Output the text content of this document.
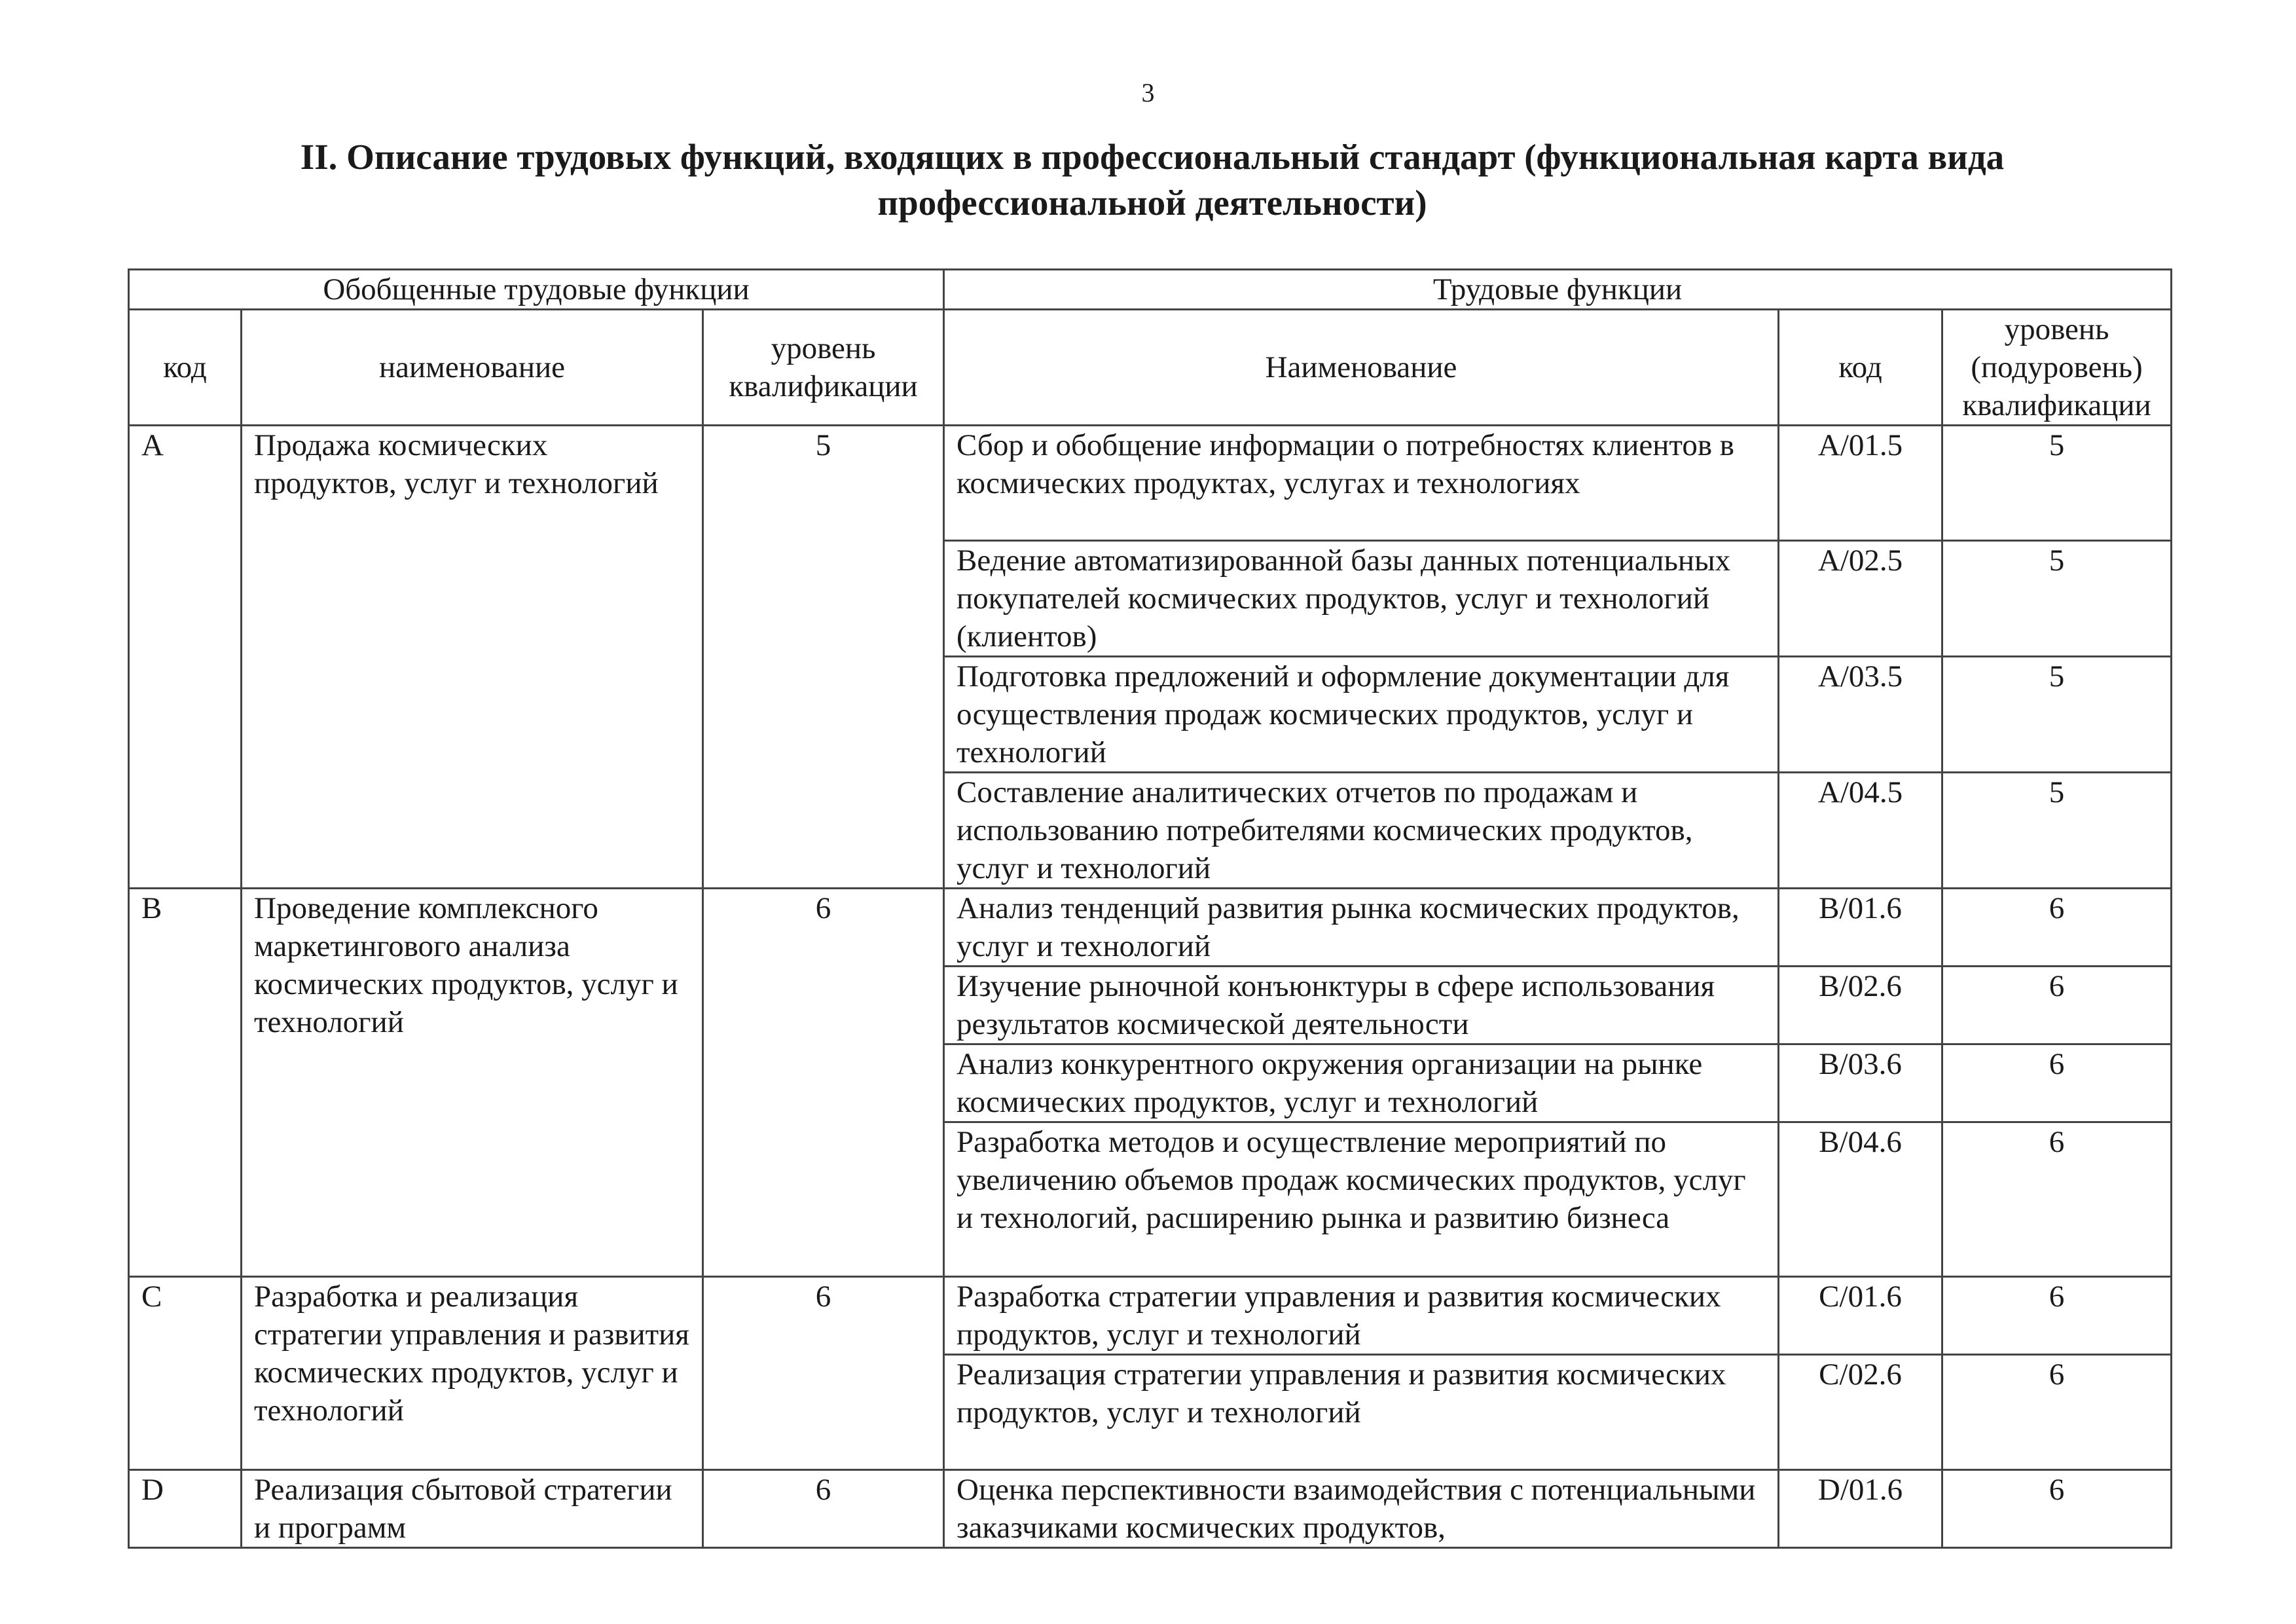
3
II. Описание трудовых функций, входящих в профессиональный стандарт (функциональная карта вида
профессиональной деятельности)
Обобщенные трудовые функции			Трудовые функции		
код	наименование	уровень квалификации	Наименование	код	уровень (подуровень) квалификации
A	Продажа космических продуктов, услуг и технологий	5	Сбор и обобщение информации о потребностях клиентов в космических продуктах, услугах и технологиях	A/01.5	5
			Ведение автоматизированной базы данных потенциальных покупателей космических продуктов, услуг и технологий (клиентов)	A/02.5	5
			Подготовка предложений и оформление документации для осуществления продаж космических продуктов, услуг и технологий	A/03.5	5
			Составление аналитических отчетов по продажам и использованию потребителями космических продуктов, услуг и технологий	A/04.5	5
B	Проведение комплексного маркетингового анализа космических продуктов, услуг и технологий	6	Анализ тенденций развития рынка космических продуктов, услуг и технологий	B/01.6	6
			Изучение рыночной конъюнктуры в сфере использования результатов космической деятельности	B/02.6	6
			Анализ конкурентного окружения организации на рынке космических продуктов, услуг и технологий	B/03.6	6
			Разработка методов и осуществление мероприятий по увеличению объемов продаж космических продуктов, услуг и технологий, расширению рынка и развитию бизнеса	B/04.6	6
C	Разработка и реализация стратегии управления и развития космических продуктов, услуг и технологий	6	Разработка стратегии управления и развития космических продуктов, услуг и технологий	C/01.6	6
			Реализация стратегии управления и развития космических продуктов, услуг и технологий	C/02.6	6
D	Реализация сбытовой стратегии и программ	6	Оценка перспективности взаимодействия с потенциальными заказчиками космических продуктов,	D/01.6	6
